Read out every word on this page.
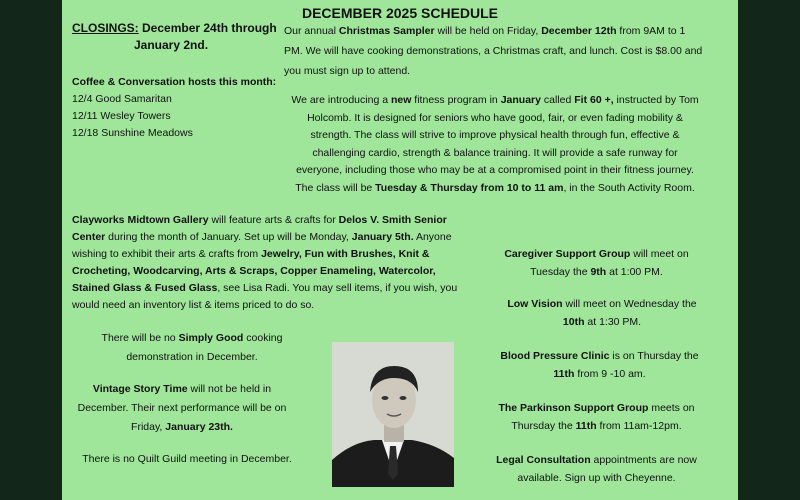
DECEMBER 2025 SCHEDULE
CLOSINGS: December 24th through
January 2nd.
Coffee & Conversation hosts this month:
12/4 Good Samaritan
12/11 Wesley Towers
12/18 Sunshine Meadows
Our annual Christmas Sampler will be held on Friday, December 12th from 9AM to 1 PM. We will have cooking demonstrations, a Christmas craft, and lunch. Cost is $8.00 and you must sign up to attend.
We are introducing a new fitness program in January called Fit 60 +, instructed by Tom Holcomb. It is designed for seniors who have good, fair, or even fading mobility & strength. The class will strive to improve physical health through fun, effective & challenging cardio, strength & balance training. It will provide a safe runway for everyone, including those who may be at a compromised point in their fitness journey. The class will be Tuesday & Thursday from 10 to 11 am, in the South Activity Room.
Clayworks Midtown Gallery will feature arts & crafts for Delos V. Smith Senior Center during the month of January. Set up will be Monday, January 5th. Anyone wishing to exhibit their arts & crafts from Jewelry, Fun with Brushes, Knit & Crocheting, Woodcarving, Arts & Scraps, Copper Enameling, Watercolor, Stained Glass & Fused Glass, see Lisa Radi. You may sell items, if you wish, you would need an inventory list & items priced to do so.
Caregiver Support Group will meet on Tuesday the 9th at 1:00 PM.
Low Vision will meet on Wednesday the 10th at 1:30 PM.
Blood Pressure Clinic is on Thursday the 11th from 9 -10 am.
The Parkinson Support Group meets on Thursday the 11th from 11am-12pm.
Legal Consultation appointments are now available. Sign up with Cheyenne.
There will be no Simply Good cooking demonstration in December.
Vintage Story Time will not be held in December. Their next performance will be on Friday, January 23th.
There is no Quilt Guild meeting in December.
